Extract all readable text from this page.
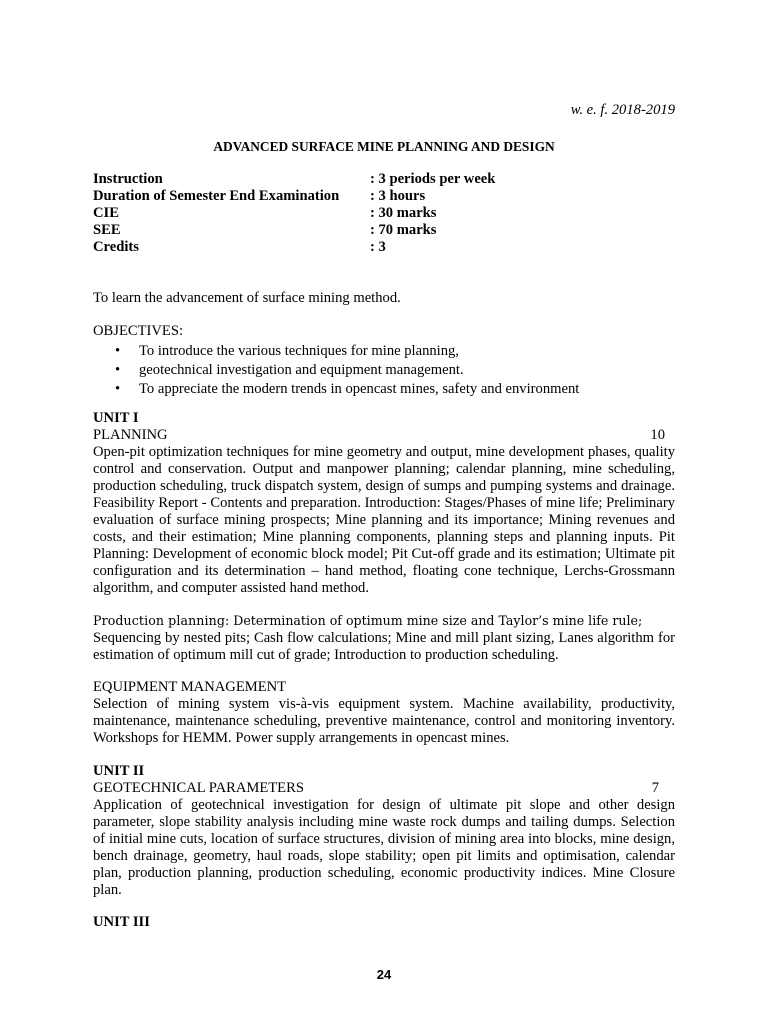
w. e. f. 2018-2019
ADVANCED SURFACE MINE PLANNING AND DESIGN
Instruction	: 3 periods per week
Duration of Semester End Examination	: 3 hours
CIE	: 30 marks
SEE	: 70 marks
Credits	: 3
To learn the advancement of surface mining method.
OBJECTIVES:
• To introduce the various techniques for mine planning,
• geotechnical investigation and equipment management.
• To appreciate the modern trends in opencast mines, safety and environment
UNIT I
PLANNING	10

Open-pit optimization techniques for mine geometry and output, mine development phases, quality control and conservation. Output and manpower planning; calendar planning, mine scheduling, production scheduling, truck dispatch system, design of sumps and pumping systems and drainage. Feasibility Report - Contents and preparation. Introduction: Stages/Phases of mine life; Preliminary evaluation of surface mining prospects; Mine planning and its importance; Mining revenues and costs, and their estimation; Mine planning components, planning steps and planning inputs. Pit Planning: Development of economic block model; Pit Cut-off grade and its estimation; Ultimate pit configuration and its determination – hand method, floating cone technique, Lerchs-Grossmann algorithm, and computer assisted hand method.

Production planning: Determination of optimum mine size and Taylor’s mine life rule;
Sequencing by nested pits; Cash flow calculations; Mine and mill plant sizing, Lanes algorithm for estimation of optimum mill cut of grade; Introduction to production scheduling.

EQUIPMENT MANAGEMENT

Selection of mining system vis-à-vis equipment system. Machine availability, productivity, maintenance, maintenance scheduling, preventive maintenance, control and monitoring inventory. Workshops for HEMM. Power supply arrangements in opencast mines.

UNIT II
GEOTECHNICAL PARAMETERS	7

Application of geotechnical investigation for design of ultimate pit slope and other design parameter, slope stability analysis including mine waste rock dumps and tailing dumps. Selection of initial mine cuts, location of surface structures, division of mining area into blocks, mine design, bench drainage, geometry, haul roads, slope stability; open pit limits and optimisation, calendar plan, production planning, production scheduling, economic productivity indices. Mine Closure plan.

UNIT III
24
